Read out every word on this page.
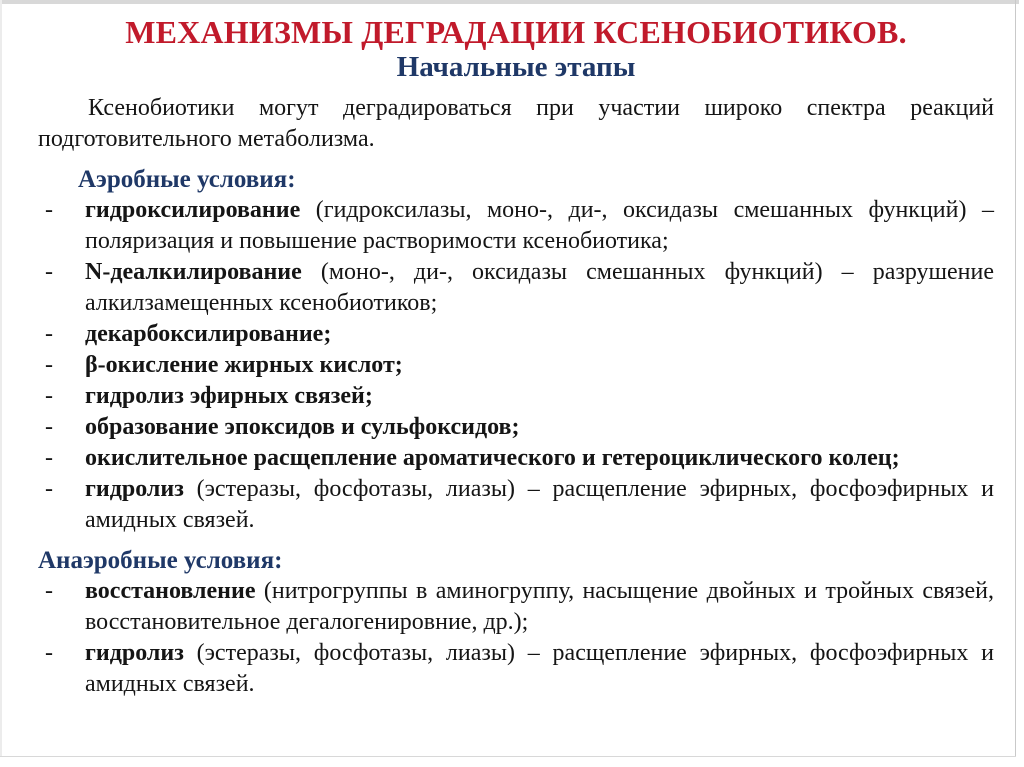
МЕХАНИЗМЫ ДЕГРАДАЦИИ КСЕНОБИОТИКОВ.
Начальные этапы
Ксенобиотики могут деградироваться при участии широко спектра реакций подготовительного метаболизма.
Аэробные условия:
- гидроксилирование (гидроксилазы, моно-, ди-, оксидазы смешанных функций) – поляризация и повышение растворимости ксенобиотика;
- N-деалкилирование (моно-, ди-, оксидазы смешанных функций) – разрушение алкилзамещенных ксенобиотиков;
- декарбоксилирование;
- β-окисление жирных кислот;
- гидролиз эфирных связей;
- образование эпоксидов и сульфоксидов;
- окислительное расщепление ароматического и гетероциклического колец;
- гидролиз (эстеразы, фосфотазы, лиазы) – расщепление эфирных, фосфоэфирных и амидных связей.
Анаэробные условия:
- восстановление (нитрогруппы в аминогруппу, насыщение двойных и тройных связей, восстановительное дегалогенировние, др.);
- гидролиз (эстеразы, фосфотазы, лиазы) – расщепление эфирных, фосфоэфирных и амидных связей.
